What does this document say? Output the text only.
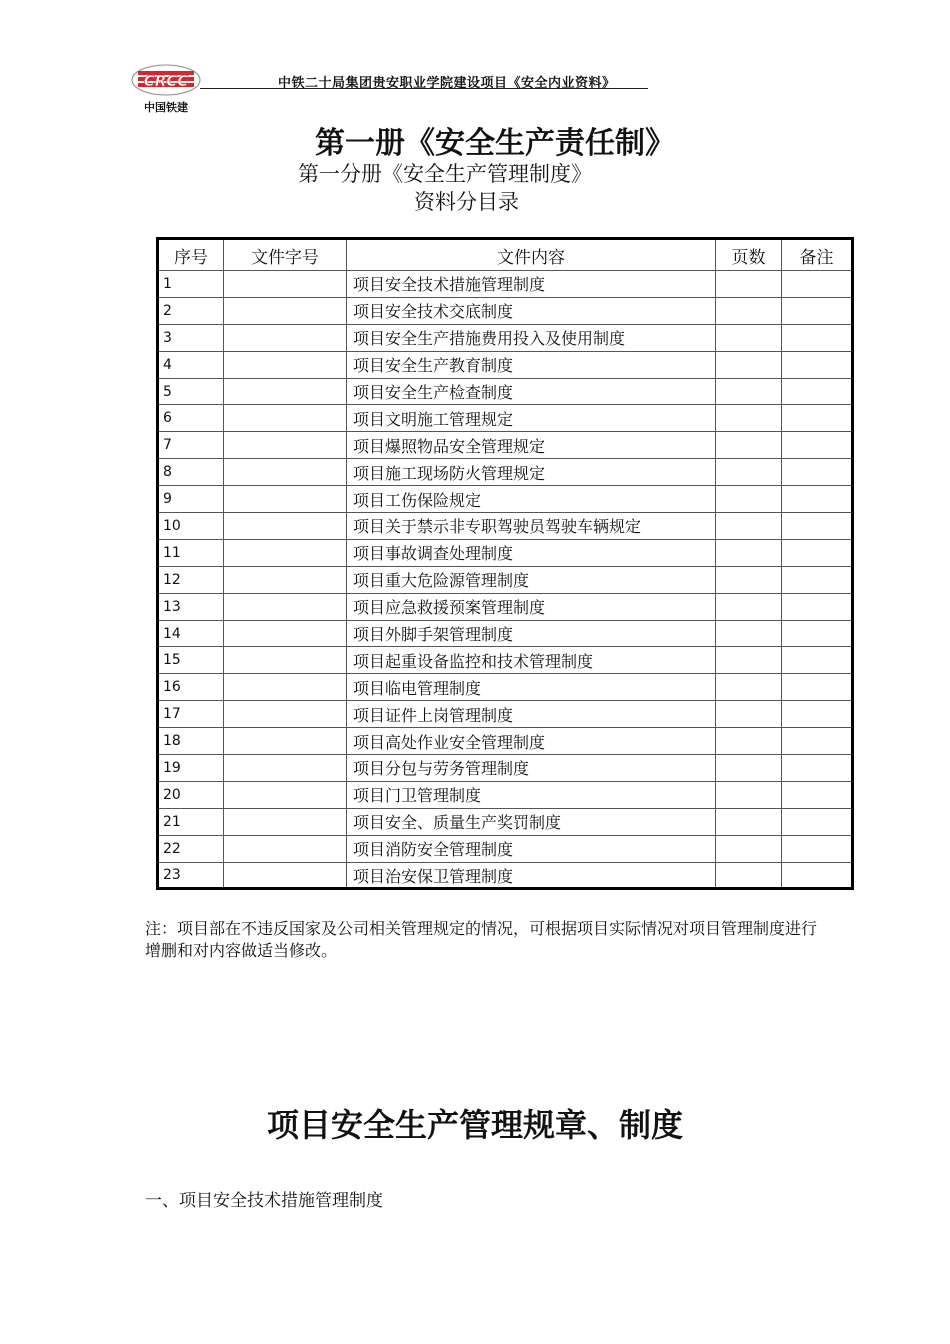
CRCC
中国铁建
中铁二十局集团贵安职业学院建设项目《安全内业资料》
第一册《安全生产责任制》
第一分册《安全生产管理制度》
资料分目录
序号	文件字号	文件内容	页数	备注
1		项目安全技术措施管理制度		
2		项目安全技术交底制度		
3		项目安全生产措施费用投入及使用制度		
4		项目安全生产教育制度		
5		项目安全生产检查制度		
6		项目文明施工管理规定		
7		项目爆照物品安全管理规定		
8		项目施工现场防火管理规定		
9		项目工伤保险规定		
10		项目关于禁示非专职驾驶员驾驶车辆规定		
11		项目事故调查处理制度		
12		项目重大危险源管理制度		
13		项目应急救援预案管理制度		
14		项目外脚手架管理制度		
15		项目起重设备监控和技术管理制度		
16		项目临电管理制度		
17		项目证件上岗管理制度		
18		项目高处作业安全管理制度		
19		项目分包与劳务管理制度		
20		项目门卫管理制度		
21		项目安全、质量生产奖罚制度		
22		项目消防安全管理制度		
23		项目治安保卫管理制度		
注：项目部在不违反国家及公司相关管理规定的情况，可根据项目实际情况对项目管理制度进行增删和对内容做适当修改。
项目安全生产管理规章、制度
一、项目安全技术措施管理制度
